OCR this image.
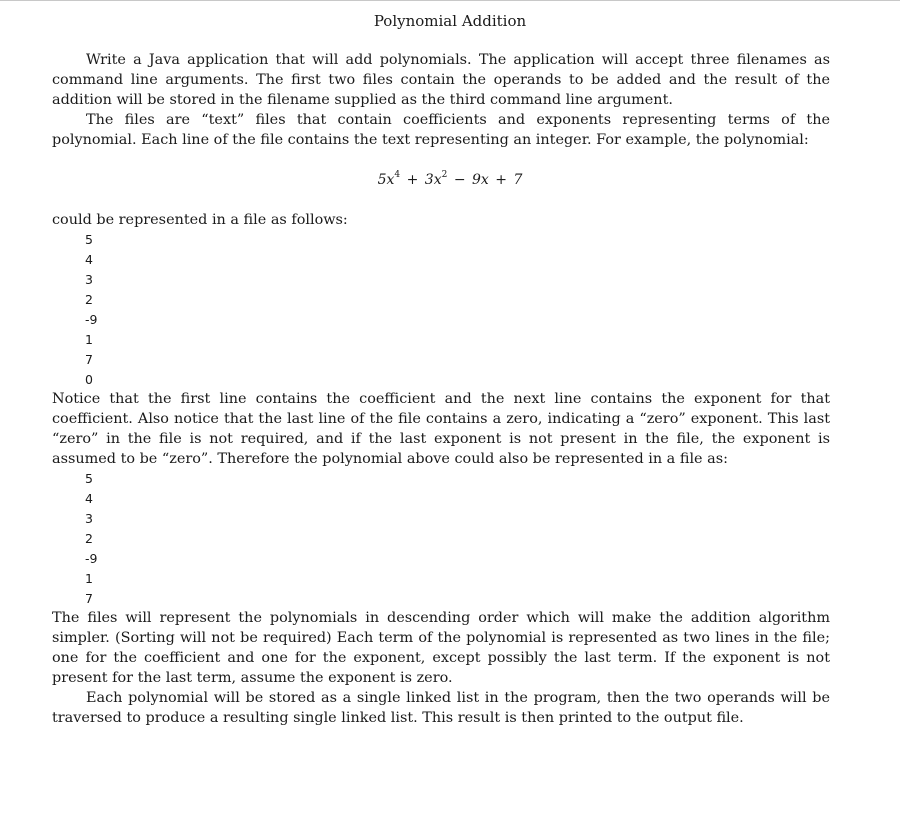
Polynomial Addition

Write a Java application that will add polynomials. The application will accept three filenames as command line arguments. The first two files contain the operands to be added and the result of the addition will be stored in the filename supplied as the third command line argument.

The files are “text” files that contain coefficients and exponents representing terms of the polynomial. Each line of the file contains the text representing an integer. For example, the polynomial:

$5x^4 + 3x^2 - 9x + 7$

could be represented in a file as follows:

5
4
3
2
-9
1
7
0

Notice that the first line contains the coefficient and the next line contains the exponent for that coefficient. Also notice that the last line of the file contains a zero, indicating a “zero” exponent. This last “zero” in the file is not required, and if the last exponent is not present in the file, the exponent is assumed to be “zero”. Therefore the polynomial above could also be represented in a file as:

5
4
3
2
-9
1
7

The files will represent the polynomials in descending order which will make the addition algorithm simpler. (Sorting will not be required) Each term of the polynomial is represented as two lines in the file; one for the coefficient and one for the exponent, except possibly the last term. If the exponent is not present for the last term, assume the exponent is zero.

Each polynomial will be stored as a single linked list in the program, then the two operands will be traversed to produce a resulting single linked list. This result is then printed to the output file.
